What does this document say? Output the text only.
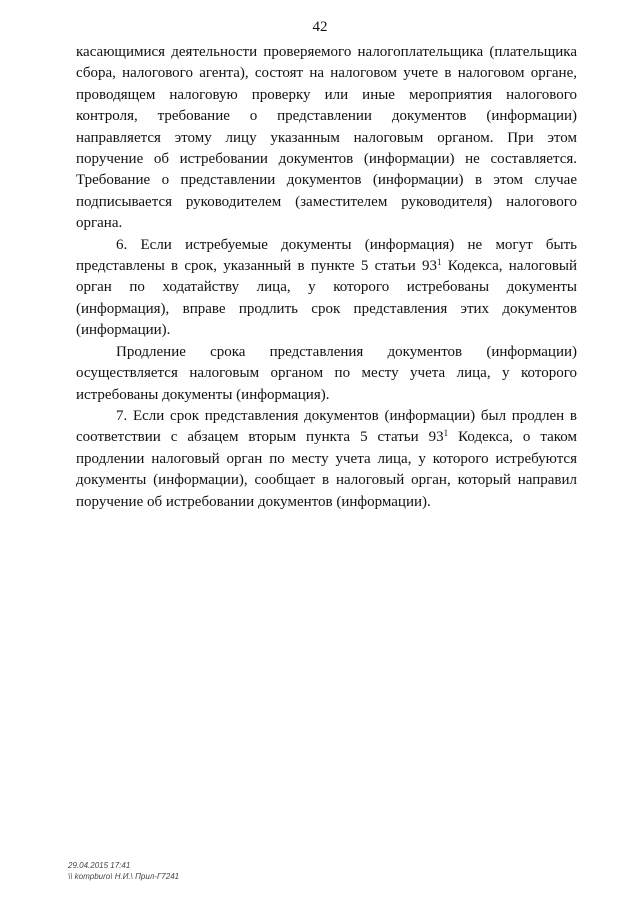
42

касающимися деятельности проверяемого налогоплательщика (плательщика сбора, налогового агента), состоят на налоговом учете в налоговом органе, проводящем налоговую проверку или иные мероприятия налогового контроля, требование о представлении документов (информации) направляется этому лицу указанным налоговым органом. При этом поручение об истребовании документов (информации) не составляется. Требование о представлении документов (информации) в этом случае подписывается руководителем (заместителем руководителя) налогового органа.

6. Если истребуемые документы (информация) не могут быть представлены в срок, указанный в пункте 5 статьи $93^1$ Кодекса, налоговый орган по ходатайству лица, у которого истребованы документы (информация), вправе продлить срок представления этих документов (информации).

Продление срока представления документов (информации) осуществляется налоговым органом по месту учета лица, у которого истребованы документы (информация).

7. Если срок представления документов (информации) был продлен в соответствии с абзацем вторым пункта 5 статьи $93^1$ Кодекса, о таком продлении налоговый орган по месту учета лица, у которого истребуются документы (информации), сообщает в налоговый орган, который направил поручение об истребовании документов (информации).

29.04.2015 17:41
\\ kompburo\ Н.И.\ Прил-Г7241
